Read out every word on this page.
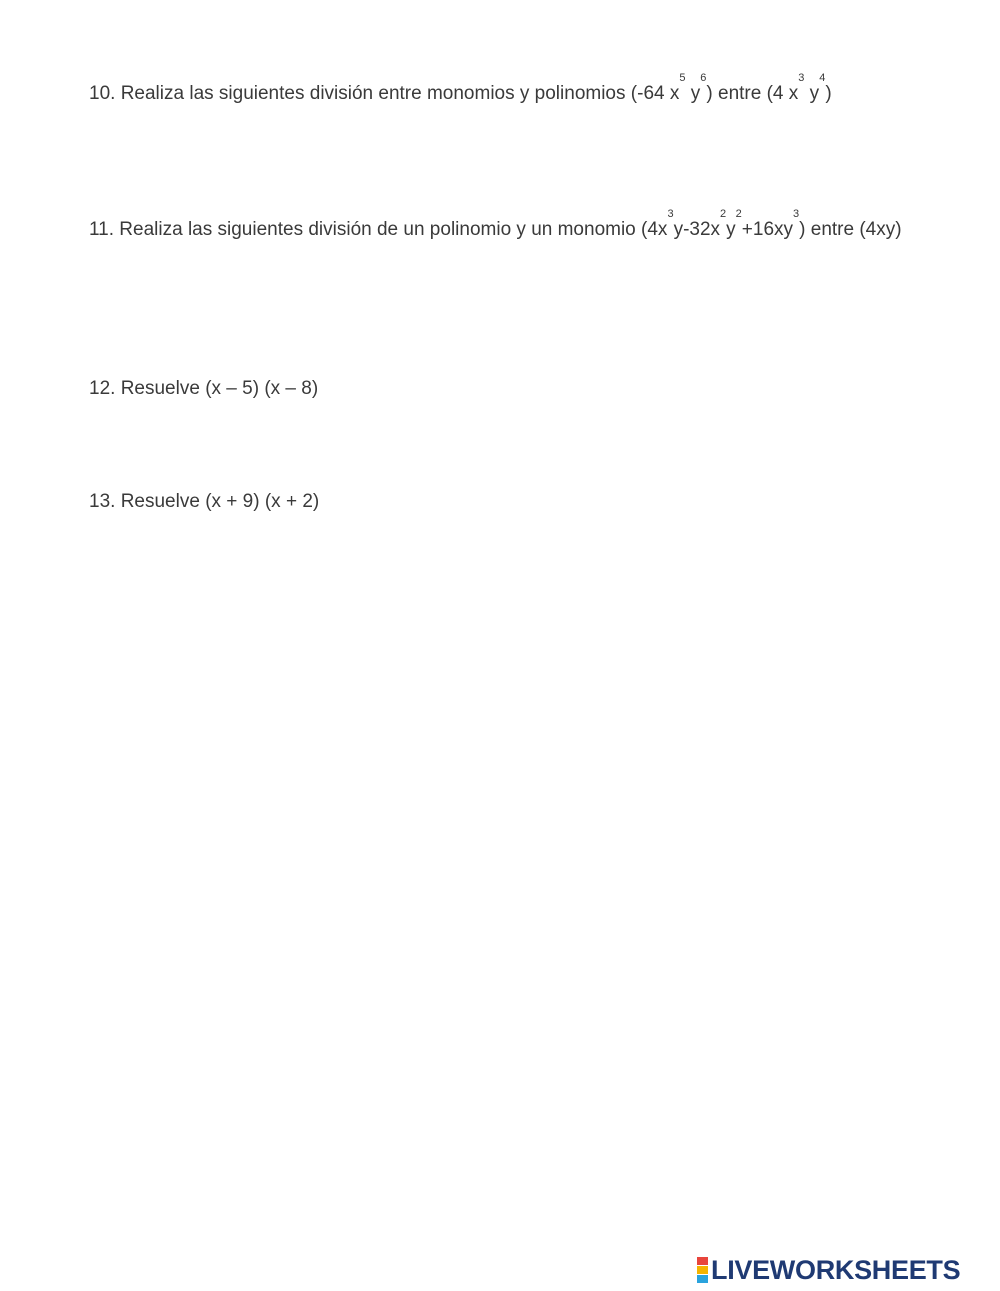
10. Realiza las siguientes división entre monomios y polinomios (-64 $x^5$ $y^6$) entre (4 $x^3$ $y^4$)

11. Realiza las siguientes división de un polinomio y un monomio $(4x^3y-32x^2y^2+16xy^3)$ entre (4xy)

12. Resuelve (x – 5) (x – 8)

13. Resuelve (x + 9) (x + 2)

LIVEWORKSHEETS
